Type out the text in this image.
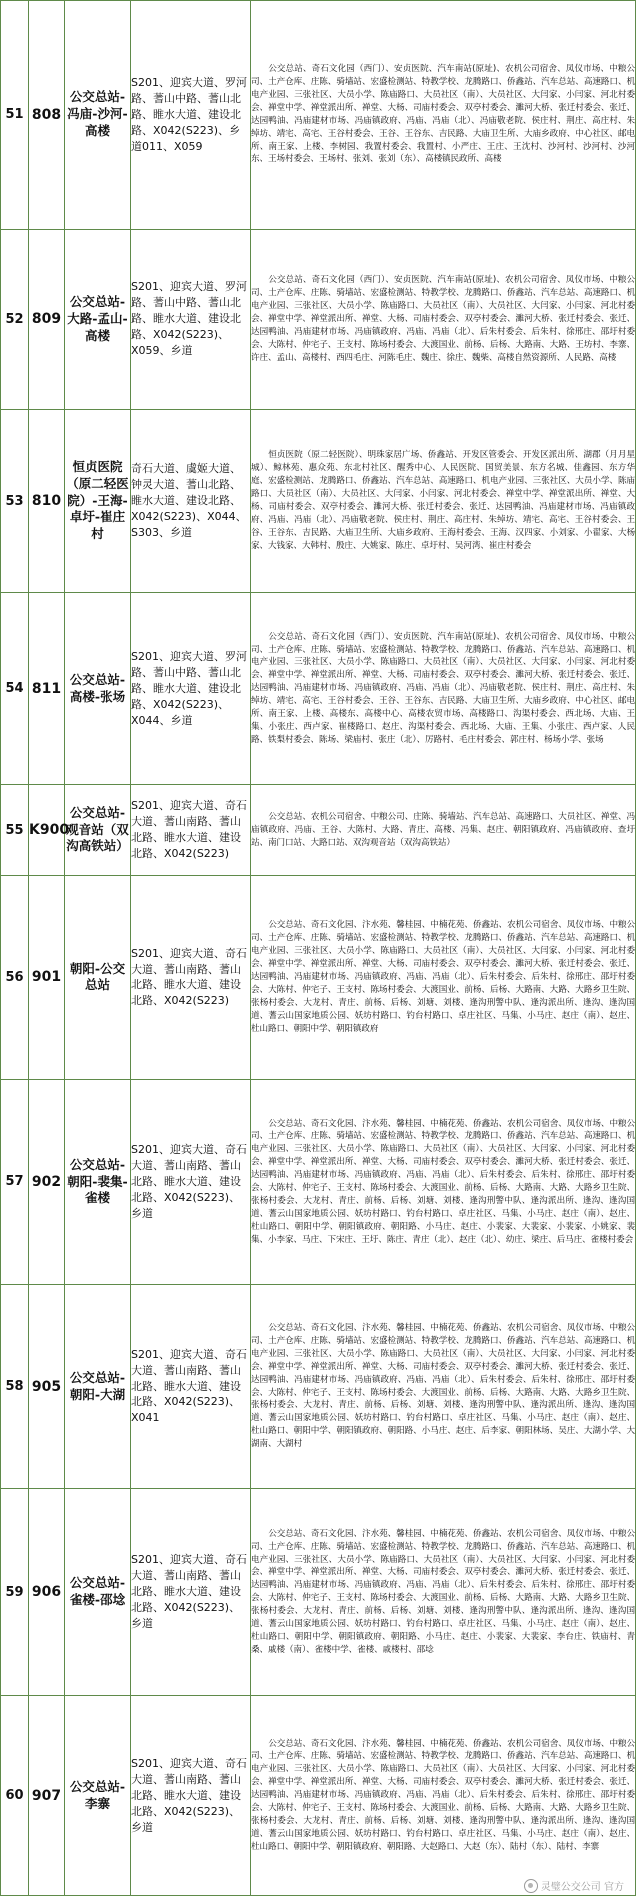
51	808	公交总站-冯庙-沙河-高楼	S201、迎宾大道、罗河路、蓍山中路、蓍山北路、睢水大道、建设北路、X042(S223)、乡道011、X059	公交总站、奇石文化园（西门）、安贞医院、汽车南站(原址)、农机公司宿舍、凤仪市场、中粮公司、土产仓库、庄陈、骑墙站、宏盛检测站、特教学校、龙腾路口、侨鑫站、汽车总站、高速路口、机电产业园、三张社区、大员小学、陈庙路口、大员社区（南）、大员社区、大闫家、小闫家、河北村委会、禅堂中学、禅堂派出所、禅堂、大杨、司庙村委会、双亭村委会、濉河大桥、张迁村委会、张迁、达园鸭油、冯庙建材市场、冯庙镇政府、冯庙、冯庙（北）、冯庙敬老院、侯庄村、荆庄、高庄村、朱绰坊、靖宅、高宅、王谷村委会、王谷、王谷东、吉民路、大庙卫生所、大庙乡政府、中心社区、邮电所、南王家、上楼、李树园、我置村委会、我置村、小严庄、王庄、王沈村、沙河村、沙河村、沙河东、王场村委会、王场村、张刘、张刘（东）、高楼镇民政所、高楼
52	809	公交总站-大路-孟山-高楼	S201、迎宾大道、罗河路、蓍山中路、蓍山北路、睢水大道、建设北路、X042(S223)、X059、乡道	公交总站、奇石文化园（西门）、安贞医院、汽车南站(原址)、农机公司宿舍、凤仪市场、中粮公司、土产仓库、庄陈、骑墙站、宏盛检测站、特教学校、龙腾路口、侨鑫站、汽车总站、高速路口、机电产业园、三张社区、大员小学、陈庙路口、大员社区（南）、大员社区、大闫家、小闫家、河北村委会、禅堂中学、禅堂派出所、禅堂、大杨、司庙村委会、双亭村委会、濉河大桥、张迁村委会、张迁、达园鸭油、冯庙建材市场、冯庙镇政府、冯庙、冯庙（北）、后朱村委会、后朱村、徐邢庄、邵圩村委会、大陈村、仲宅子、王支村、陈场村委会、大渡国业、前杨、后杨、大路南、大路、王坊村、李寨、许庄、孟山、高楼村、西四毛庄、河陈毛庄、魏庄、徐庄、魏柴、高楼自然资源所、人民路、高楼
53	810	恒贞医院（原二轻医院）-王海-卓圩-崔庄村	奇石大道、虞姬大道、钟灵大道、蓍山北路、睢水大道、建设北路、X042(S223)、X044、S303、乡道	恒贞医院（原二轻医院）、明珠家居广场、侨鑫站、开发区管委会、开发区派出所、湖郡（月月星城）、鲸林苑、惠众苑、东北村社区、醒秀中心、人民医院、国贸美景、东方名城、佳鑫园、东方华庭、宏盛检测站、龙腾路口、侨鑫站、汽车总站、高速路口、机电产业园、三张社区、大员小学、陈庙路口、大员社区（南）、大员社区、大闫家、小闫家、河北村委会、禅堂中学、禅堂派出所、禅堂、大杨、司庙村委会、双亭村委会、濉河大桥、张迁村委会、张迁、达园鸭油、冯庙建材市场、冯庙镇政府、冯庙、冯庙（北）、冯庙敬老院、侯庄村、荆庄、高庄村、朱绰坊、靖宅、高宅、王谷村委会、王谷、王谷东、吉民路、大庙卫生所、大庙乡政府、王海村委会、王海、汉四家、小刘家、小翟家、大杨家、大钱家、大韩村、殷庄、大姚家、陈庄、卓圩村、吴河湾、崔庄村委会
54	811	公交总站-高楼-张场	S201、迎宾大道、罗河路、蓍山中路、蓍山北路、睢水大道、建设北路、X042(S223)、X044、乡道	公交总站、奇石文化园（西门）、安贞医院、汽车南站(原址)、农机公司宿舍、凤仪市场、中粮公司、土产仓库、庄陈、骑墙站、宏盛检测站、特教学校、龙腾路口、侨鑫站、汽车总站、高速路口、机电产业园、三张社区、大员小学、陈庙路口、大员社区（南）、大员社区、大闫家、小闫家、河北村委会、禅堂中学、禅堂派出所、禅堂、大杨、司庙村委会、双亭村委会、濉河大桥、张迁村委会、张迁、达园鸭油、冯庙建材市场、冯庙镇政府、冯庙、冯庙（北）、冯庙敬老院、侯庄村、荆庄、高庄村、朱绰坊、靖宅、高宅、王谷村委会、王谷、王谷东、吉民路、大庙卫生所、大庙乡政府、中心社区、邮电所、南王家、上楼、高楼东、高楼中心、高楼农贸市场、高楼路口、沟渠村委会、西北场、大庙、王集、小张庄、西卢家、崔楼路口、赵庄、沟渠村委会、西北场、大庙、王集、小张庄、西卢家、人民路、铁梨村委会、陈场、梁庙村、张庄（北）、厉路村、毛庄村委会、郭庄村、杨场小学、张场
55	K900	公交总站-观音站（双沟高铁站）	S201、迎宾大道、奇石大道、蓍山南路、蓍山北路、睢水大道、建设北路、X042(S223)	公交总站、农机公司宿舍、中粮公司、庄陈、骑墙站、汽车总站、高速路口、大员社区、禅堂、冯庙镇政府、冯庙、王谷、大陈村、大路、青庄、高楼、冯集、赵庄、朝阳镇政府、冯庙镇政府、查圩站、南门口站、大路口站、双沟观音站（双沟高铁站）
56	901	朝阳-公交总站	S201、迎宾大道、奇石大道、蓍山南路、蓍山北路、睢水大道、建设北路、X042(S223)	公交总站、奇石文化园、汴水苑、馨桂园、中楠花苑、侨鑫站、农机公司宿舍、凤仪市场、中粮公司、土产仓库、庄陈、骑墙站、宏盛检测站、特教学校、龙腾路口、侨鑫站、汽车总站、高速路口、机电产业园、三张社区、大员小学、陈庙路口、大员社区（南）、大员社区、大闫家、小闫家、河北村委会、禅堂中学、禅堂派出所、禅堂、大杨、司庙村委会、双亭村委会、濉河大桥、张迁村委会、张迁、达园鸭油、冯庙建材市场、冯庙镇政府、冯庙、冯庙（北）、后朱村委会、后朱村、徐邢庄、邵圩村委会、大陈村、仲宅子、王支村、陈场村委会、大渡国业、前杨、后杨、大路南、大路、大路乡卫生院、张杨村委会、大龙村、青庄、前杨、后杨、刘塘、刘楼、逢沟刑警中队、逢沟派出所、逢沟、逢沟国道、蓍云山国家地质公园、妖坊村路口、钓台村路口、卓庄社区、马集、小马庄、赵庄（南）、赵庄、杜山路口、朝阳中学、朝阳镇政府
57	902	公交总站-朝阳-裴集-雀楼	S201、迎宾大道、奇石大道、蓍山南路、蓍山北路、睢水大道、建设北路、X042(S223)、乡道	公交总站、奇石文化园、汴水苑、馨桂园、中楠花苑、侨鑫站、农机公司宿舍、凤仪市场、中粮公司、土产仓库、庄陈、骑墙站、宏盛检测站、特教学校、龙腾路口、侨鑫站、汽车总站、高速路口、机电产业园、三张社区、大员小学、陈庙路口、大员社区（南）、大员社区、大闫家、小闫家、河北村委会、禅堂中学、禅堂派出所、禅堂、大杨、司庙村委会、双亭村委会、濉河大桥、张迁村委会、张迁、达园鸭油、冯庙建材市场、冯庙镇政府、冯庙、冯庙（北）、后朱村委会、后朱村、徐邢庄、邵圩村委会、大陈村、仲宅子、王支村、陈场村委会、大渡国业、前杨、后杨、大路南、大路、大路乡卫生院、张杨村委会、大龙村、青庄、前杨、后杨、刘塘、刘楼、逢沟刑警中队、逢沟派出所、逢沟、逢沟国道、蓍云山国家地质公园、妖坊村路口、钓台村路口、卓庄社区、马集、小马庄、赵庄（南）、赵庄、杜山路口、朝阳中学、朝阳镇政府、朝阳路、小马庄、赵庄、小裴家、大裴家、小裴家、小姚家、裴集、小李家、马庄、下宋庄、王圩、陈庄、青庄（北）、赵庄（北）、幼庄、梁庄、后马庄、雀楼村委会
58	905	公交总站-朝阳-大湖	S201、迎宾大道、奇石大道、蓍山南路、蓍山北路、睢水大道、建设北路、X042(S223)、X041	公交总站、奇石文化园、汴水苑、馨桂园、中楠花苑、侨鑫站、农机公司宿舍、凤仪市场、中粮公司、土产仓库、庄陈、骑墙站、宏盛检测站、特教学校、龙腾路口、侨鑫站、汽车总站、高速路口、机电产业园、三张社区、大员小学、陈庙路口、大员社区（南）、大员社区、大闫家、小闫家、河北村委会、禅堂中学、禅堂派出所、禅堂、大杨、司庙村委会、双亭村委会、濉河大桥、张迁村委会、张迁、达园鸭油、冯庙建材市场、冯庙镇政府、冯庙、冯庙（北）、后朱村委会、后朱村、徐邢庄、邵圩村委会、大陈村、仲宅子、王支村、陈场村委会、大渡国业、前杨、后杨、大路南、大路、大路乡卫生院、张杨村委会、大龙村、青庄、前杨、后杨、刘塘、刘楼、逢沟刑警中队、逢沟派出所、逢沟、逢沟国道、蓍云山国家地质公园、妖坊村路口、钓台村路口、卓庄社区、马集、小马庄、赵庄（南）、赵庄、杜山路口、朝阳中学、朝阳镇政府、朝阳路、小马庄、赵庄、后李家、朝阳林场、吴庄、大湖小学、大湖南、大湖村
59	906	公交总站-雀楼-邵埝	S201、迎宾大道、奇石大道、蓍山南路、蓍山北路、睢水大道、建设北路、X042(S223)、乡道	公交总站、奇石文化园、汴水苑、馨桂园、中楠花苑、侨鑫站、农机公司宿舍、凤仪市场、中粮公司、土产仓库、庄陈、骑墙站、宏盛检测站、特教学校、龙腾路口、侨鑫站、汽车总站、高速路口、机电产业园、三张社区、大员小学、陈庙路口、大员社区（南）、大员社区、大闫家、小闫家、河北村委会、禅堂中学、禅堂派出所、禅堂、大杨、司庙村委会、双亭村委会、濉河大桥、张迁村委会、张迁、达园鸭油、冯庙建材市场、冯庙镇政府、冯庙、冯庙（北）、后朱村委会、后朱村、徐邢庄、邵圩村委会、大陈村、仲宅子、王支村、陈场村委会、大渡国业、前杨、后杨、大路南、大路、大路乡卫生院、张杨村委会、大龙村、青庄、前杨、后杨、刘塘、刘楼、逢沟刑警中队、逢沟派出所、逢沟、逢沟国道、蓍云山国家地质公园、妖坊村路口、钓台村路口、卓庄社区、马集、小马庄、赵庄（南）、赵庄、杜山路口、朝阳中学、朝阳镇政府、朝阳路、小马庄、赵庄、小裴家、大裴家、李台庄、铁庙村、青桑、戚楼（南）、雀楼中学、雀楼、戚楼村、邵埝
60	907	公交总站-李寨	S201、迎宾大道、奇石大道、蓍山南路、蓍山北路、睢水大道、建设北路、X042(S223)、乡道	公交总站、奇石文化园、汴水苑、馨桂园、中楠花苑、侨鑫站、农机公司宿舍、凤仪市场、中粮公司、土产仓库、庄陈、骑墙站、宏盛检测站、特教学校、龙腾路口、侨鑫站、汽车总站、高速路口、机电产业园、三张社区、大员小学、陈庙路口、大员社区（南）、大员社区、大闫家、小闫家、河北村委会、禅堂中学、禅堂派出所、禅堂、大杨、司庙村委会、双亭村委会、濉河大桥、张迁村委会、张迁、达园鸭油、冯庙建材市场、冯庙镇政府、冯庙、冯庙（北）、后朱村委会、后朱村、徐邢庄、邵圩村委会、大陈村、仲宅子、王支村、陈场村委会、大渡国业、前杨、后杨、大路南、大路、大路乡卫生院、张杨村委会、大龙村、青庄、前杨、后杨、刘塘、刘楼、逢沟刑警中队、逢沟派出所、逢沟、逢沟国道、蓍云山国家地质公园、妖坊村路口、钓台村路口、卓庄社区、马集、小马庄、赵庄（南）、赵庄、杜山路口、朝阳中学、朝阳镇政府、朝阳路、大赵路口、大赵（东）、陆村（东）、陆村、李寨
灵璧公交公司 官方
